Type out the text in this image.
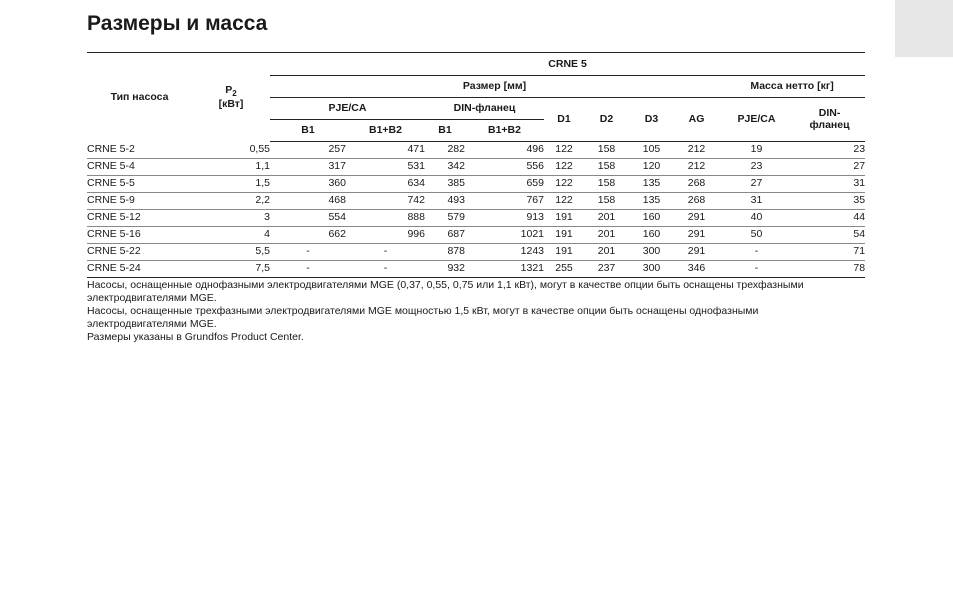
Размеры и масса
Тип насоса	$P_2$
[кВт]	CRNE 5									
		Размер [мм]								Масса нетто [кг]	
		PJE/CA		DIN-фланец		D1	D2	D3	AG	PJE/CA	DIN-фланец
		B1	B1+B2	B1	B1+B2						
CRNE 5-2	0,55	257	471	282	496	122	158	105	212	19	23
CRNE 5-4	1,1	317	531	342	556	122	158	120	212	23	27
CRNE 5-5	1,5	360	634	385	659	122	158	135	268	27	31
CRNE 5-9	2,2	468	742	493	767	122	158	135	268	31	35
CRNE 5-12	3	554	888	579	913	191	201	160	291	40	44
CRNE 5-16	4	662	996	687	1021	191	201	160	291	50	54
CRNE 5-22	5,5	-	-	878	1243	191	201	300	291	-	71
CRNE 5-24	7,5	-	-	932	1321	255	237	300	346	-	78

Насосы, оснащенные однофазными электродвигателями MGE (0,37, 0,55, 0,75 или 1,1 кВт), могут в качестве опции быть оснащены трехфазными электродвигателями MGE.

Насосы, оснащенные трехфазными электродвигателями MGE мощностью 1,5 кВт, могут в качестве опции быть оснащены однофазными электродвигателями MGE.

Размеры указаны в Grundfos Product Center.
